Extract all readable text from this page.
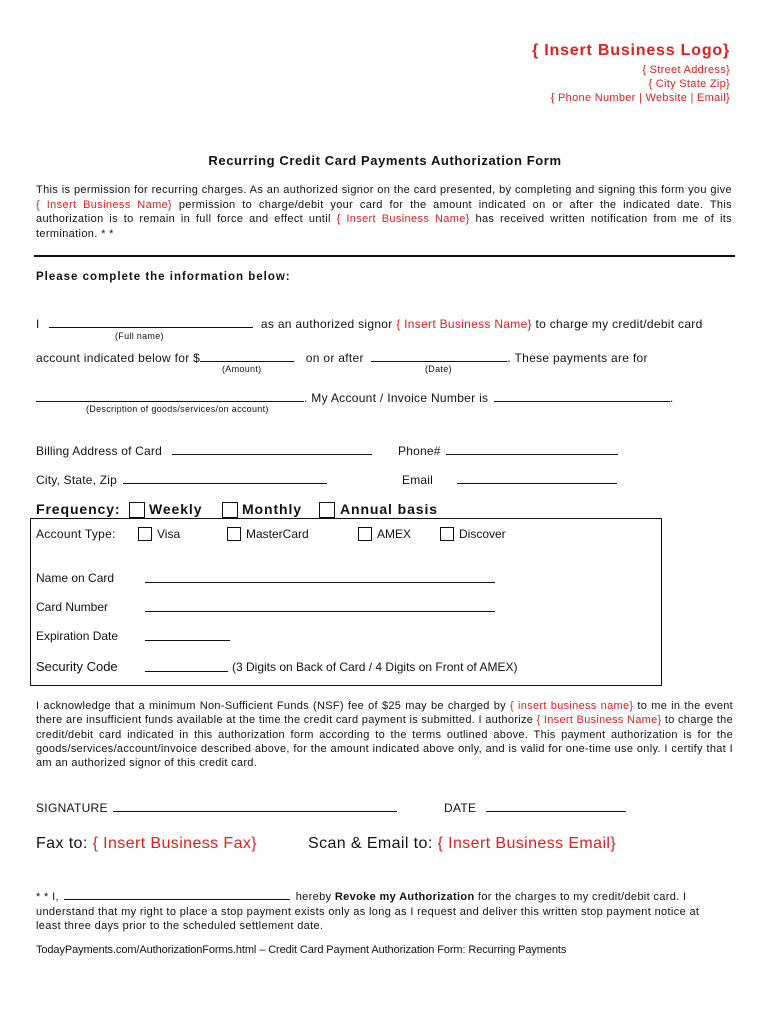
{ Insert Business Logo}
{ Street Address}
{ City State Zip}
{ Phone Number | Website | Email}
Recurring Credit Card Payments Authorization Form
This is permission for recurring charges. As an authorized signor on the card presented, by completing and signing this form you give { Insert Business Name} permission to charge/debit your card for the amount indicated on or after the indicated date. This authorization is to remain in full force and effect until { Insert Business Name} has received written notification from me of its termination. * *
Please complete the information below:
I	as an authorized signor { Insert Business Name} to charge my credit/debit card
(Full name)
account indicated below for $	on or after	. These payments are for
(Amount)	(Date)
. My Account / Invoice Number is	.
(Description of goods/services/on account)
Billing Address of Card	Phone#
City, State, Zip	Email
Frequency: Weekly	Monthly	Annual basis
Account Type:	Visa	MasterCard	AMEX	Discover
Name on Card
Card Number
Expiration Date
Security Code	(3 Digits on Back of Card / 4 Digits on Front of AMEX)
I acknowledge that a minimum Non-Sufficient Funds (NSF) fee of $25 may be charged by { insert business name} to me in the event there are insufficient funds available at the time the credit card payment is submitted. I authorize { Insert Business Name} to charge the credit/debit card indicated in this authorization form according to the terms outlined above. This payment authorization is for the goods/services/account/invoice described above, for the amount indicated above only, and is valid for one-time use only. I certify that I am an authorized signor of this credit card.
SIGNATURE	DATE
Fax to: { Insert Business Fax}	Scan & Email to: { Insert Business Email}
* * I,	hereby Revoke my Authorization for the charges to my credit/debit card. I understand that my right to place a stop payment exists only as long as I request and deliver this written stop payment notice at least three days prior to the scheduled settlement date.
TodayPayments.com/AuthorizationForms.html – Credit Card Payment Authorization Form: Recurring Payments
